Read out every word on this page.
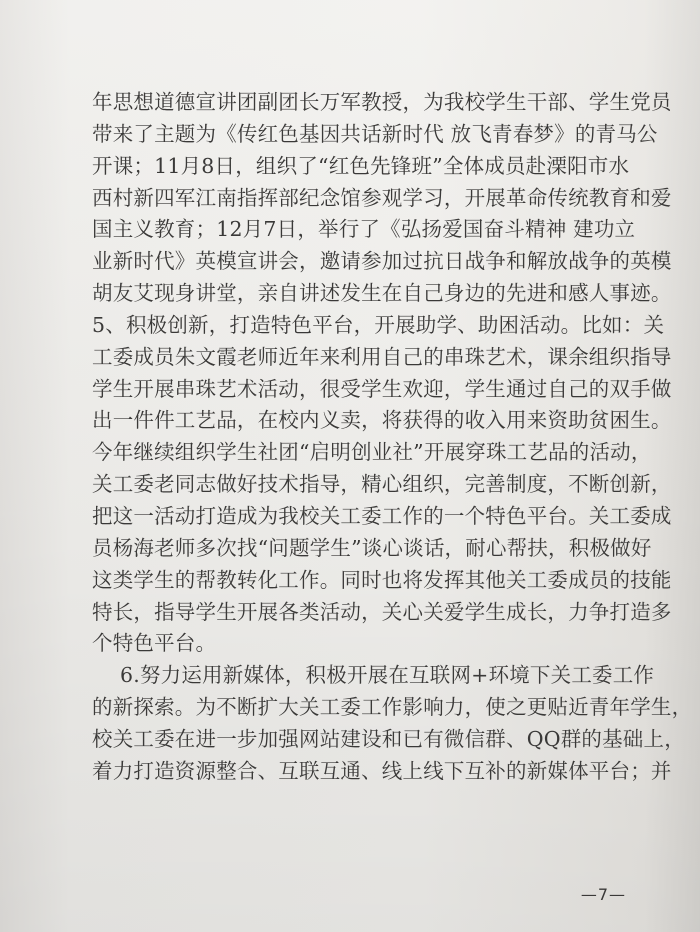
年思想道德宣讲团副团长万军教授，为我校学生干部、学生党员
带来了主题为《传红色基因共话新时代 放飞青春梦》的青马公
开课；11月8日，组织了“红色先锋班”全体成员赴溧阳市水
西村新四军江南指挥部纪念馆参观学习，开展革命传统教育和爱
国主义教育；12月7日，举行了《弘扬爱国奋斗精神 建功立
业新时代》英模宣讲会，邀请参加过抗日战争和解放战争的英模
胡友艾现身讲堂，亲自讲述发生在自己身边的先进和感人事迹。
5、积极创新，打造特色平台，开展助学、助困活动。比如：关
工委成员朱文霞老师近年来利用自己的串珠艺术，课余组织指导
学生开展串珠艺术活动，很受学生欢迎，学生通过自己的双手做
出一件件工艺品，在校内义卖，将获得的收入用来资助贫困生。
今年继续组织学生社团“启明创业社”开展穿珠工艺品的活动，
关工委老同志做好技术指导，精心组织，完善制度，不断创新，
把这一活动打造成为我校关工委工作的一个特色平台。关工委成
员杨海老师多次找“问题学生”谈心谈话，耐心帮扶，积极做好
这类学生的帮教转化工作。同时也将发挥其他关工委成员的技能
特长，指导学生开展各类活动，关心关爱学生成长，力争打造多
个特色平台。
6.努力运用新媒体，积极开展在互联网+环境下关工委工作
的新探索。为不断扩大关工委工作影响力，使之更贴近青年学生，
校关工委在进一步加强网站建设和已有微信群、QQ群的基础上，
着力打造资源整合、互联互通、线上线下互补的新媒体平台；并
—7—
